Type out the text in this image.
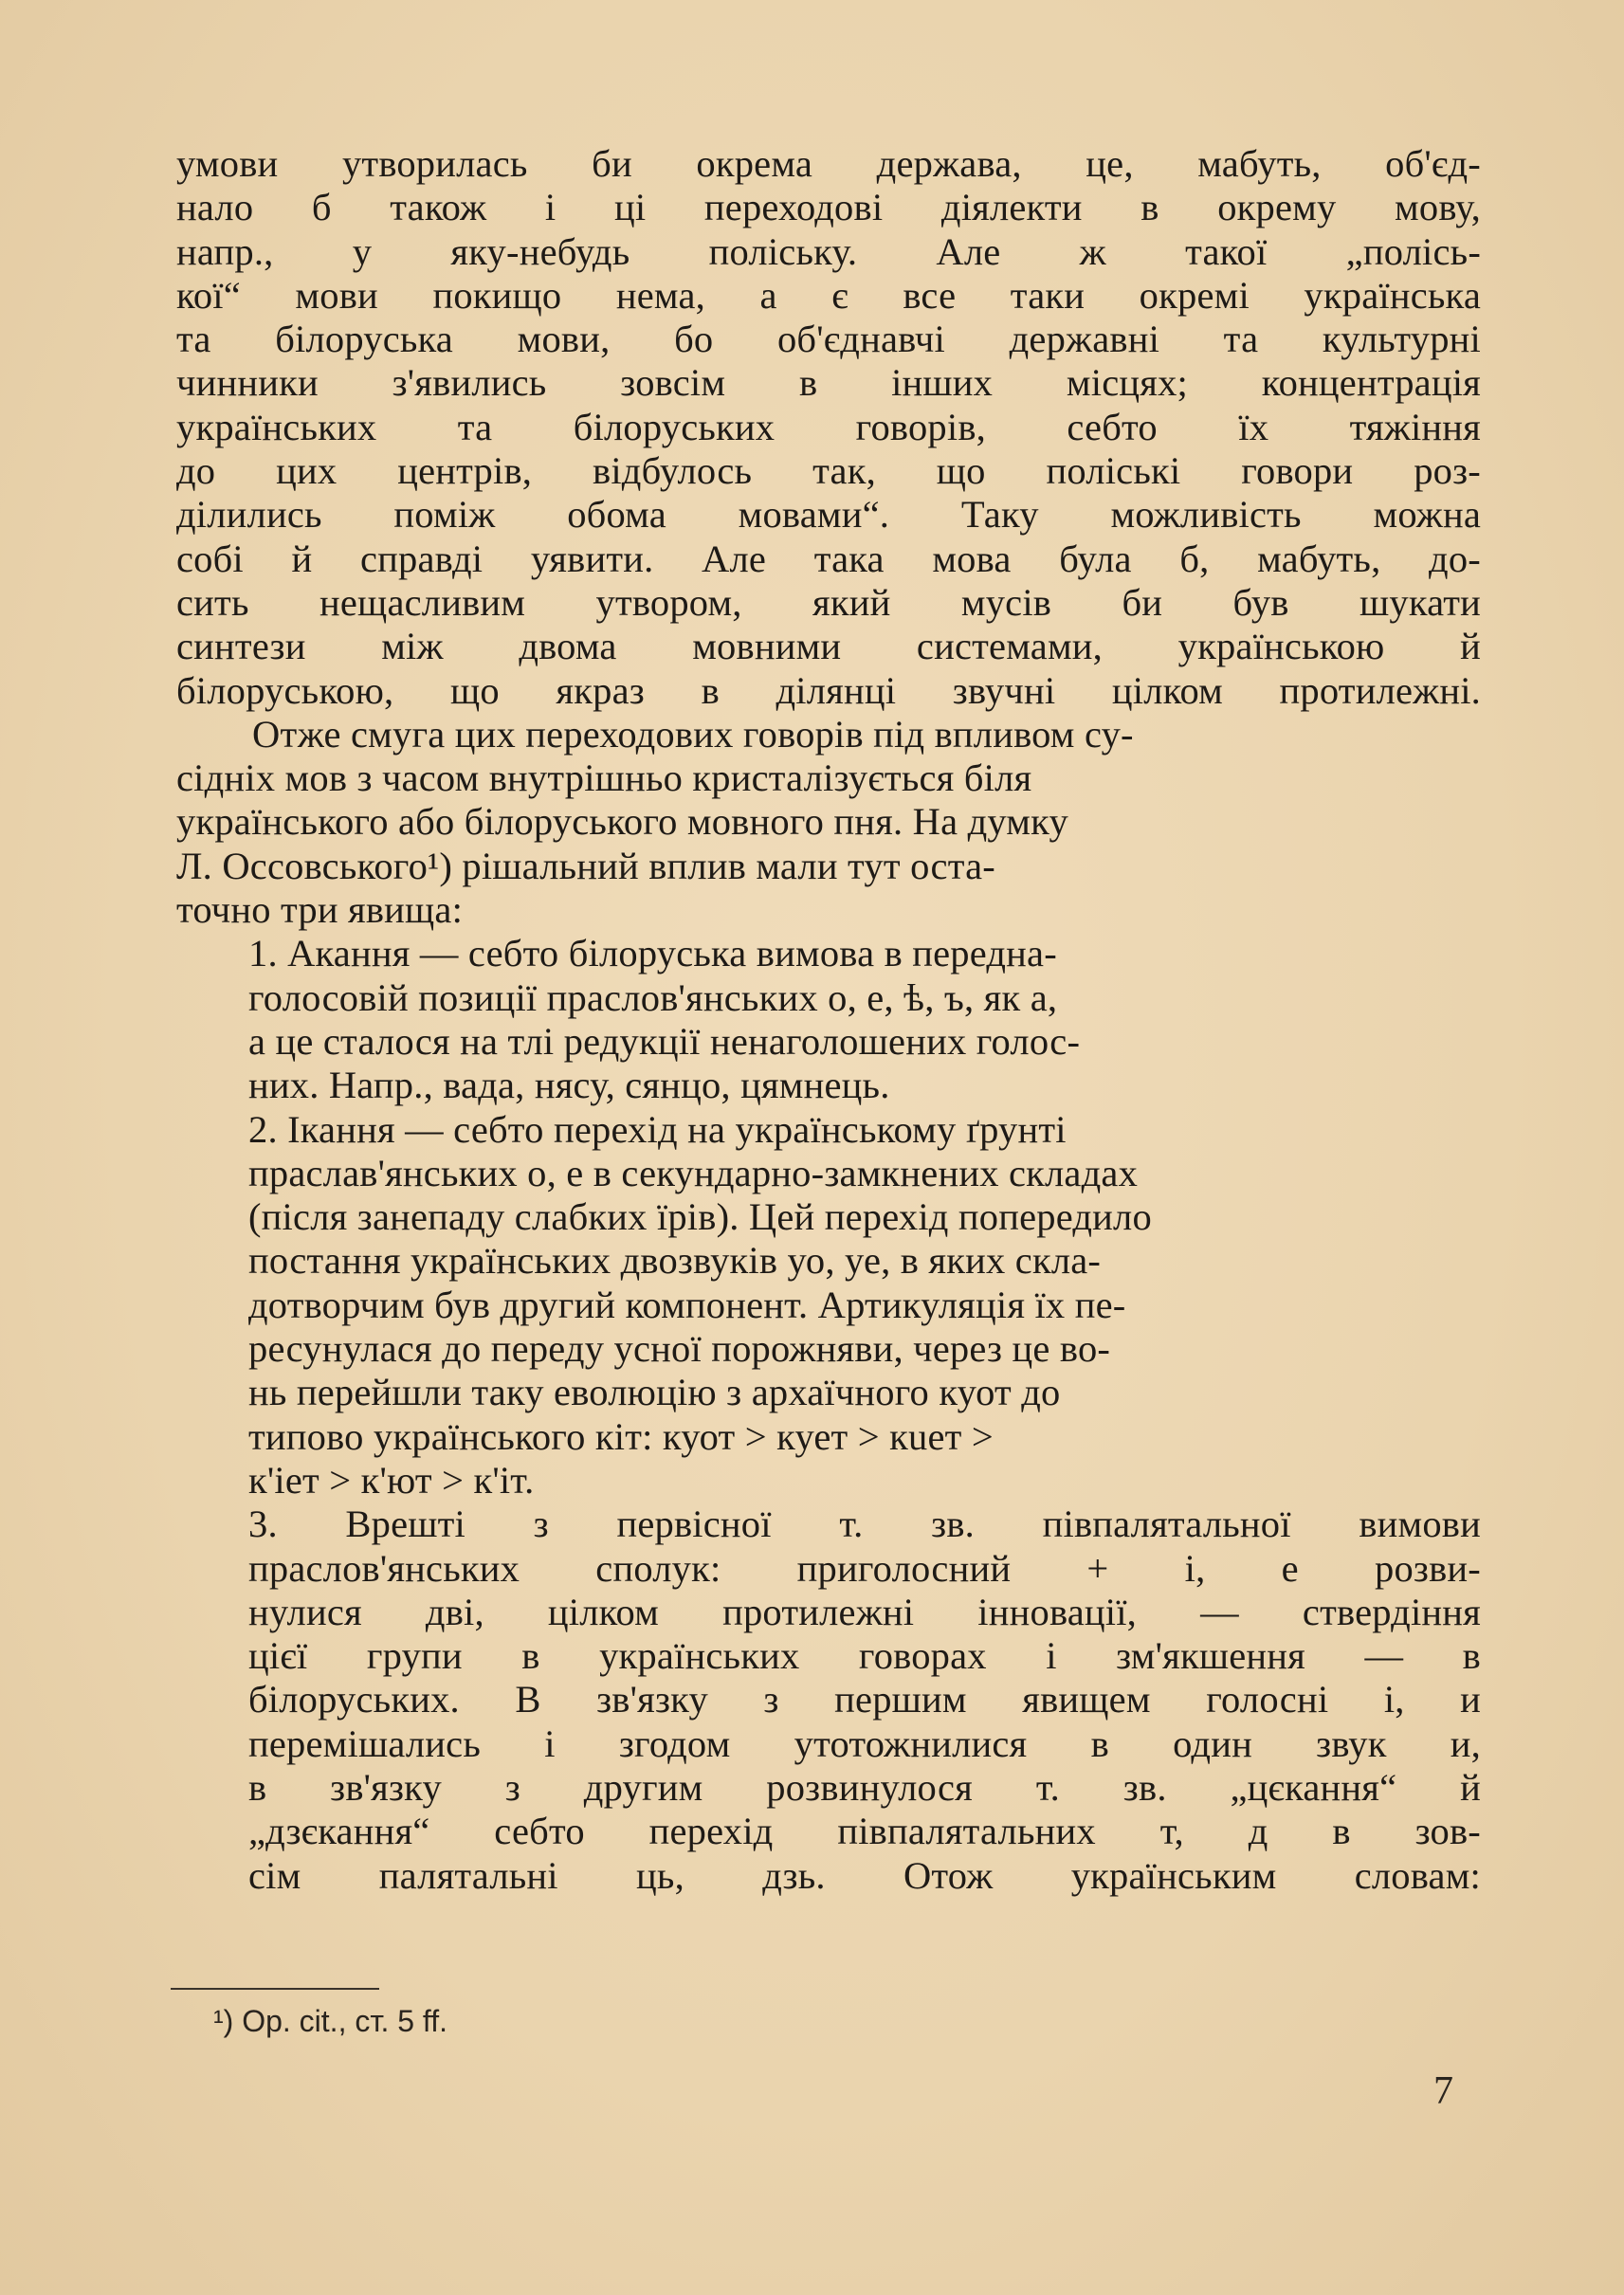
умови утворилась би окрема держава, це, мабуть, об'єд-
нало б також і ці переходові діялекти в окрему мову,
напр., у яку-небудь поліську. Але ж такої „полісь-
кої“ мови покищо нема, а є все таки окремі українська
та білоруська мови, бо об'єднавчі державні та культурні
чинники з'явились зовсім в інших місцях; концентрація
українських та білоруських говорів, себто їх тяжіння
до цих центрів, відбулось так, що поліські говори роз-
ділились поміж обома мовами“. Таку можливість можна
собі й справді уявити. Але така мова була б, мабуть, до-
сить нещасливим утвором, який мусів би був шукати
синтези між двома мовними системами, українською й
білоруською, що якраз в ділянці звучні цілком протилежні.

Отже смуга цих переходових говорів під впливом су-
сідніх мов з часом внутрішньо кристалізується біля
українського або білоруського мовного пня. На думку
Л. Оссовського¹) рішальний вплив мали тут оста-
точно три явища:

1. Акання — себто білоруська вимова в передна-
голосовій позиції праслов'янських о, е, ѣ, ъ, як а,
а це сталося на тлі редукції ненаголошених голос-
них. Напр., вада, нясу, сянцо, цямнець.

2. Ікання — себто перехід на українському ґрунті
праслав'янських о, е в секундарно-замкнених складах
(після занепаду слабких їрів). Цей перехід попередило
постання українських двозвуків уо, уе, в яких скла-
дотворчим був другий компонент. Артикуляція їх пе-
ресунулася до переду усної порожняви, через це во-
нь перейшли таку еволюцію з архаїчного куот до
типово українського кіт: куот > кует > кuет >
к'іет > к'ют > к'іт.

3. Врешті з первісної т. зв. півпалятальної вимови
праслов'янських сполук: приголосний + і, е розви-
нулися дві, цілком протилежні інновації, — ствердіння
цієї групи в українських говорах і зм'якшення — в
білоруських. В зв'язку з першим явищем голосні і, и
перемішались і згодом утотожнилися в один звук и,
в зв'язку з другим розвинулося т. зв. „цєкання“ й
„дзєкання“ себто перехід півпалятальних т, д в зов-
сім палятальні ць, дзь. Отож українським словам:

¹) Op. cit., ст. 5 ff.
7
